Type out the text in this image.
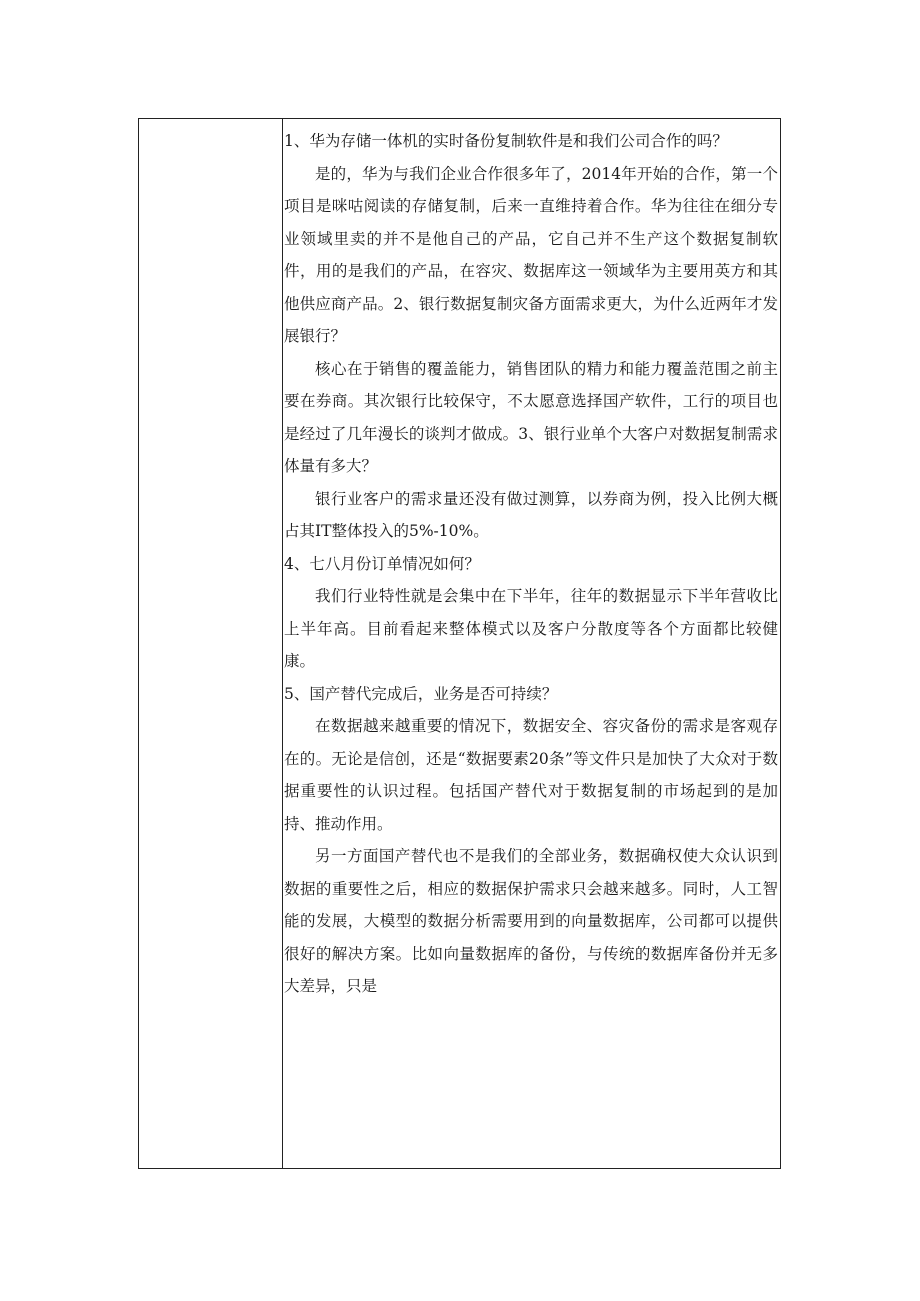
1、华为存储一体机的实时备份复制软件是和我们公司合作的吗？

是的，华为与我们企业合作很多年了，2014年开始的合作，第一个项目是咪咕阅读的存储复制，后来一直维持着合作。华为往往在细分专业领域里卖的并不是他自己的产品，它自己并不生产这个数据复制软件，用的是我们的产品，在容灾、数据库这一领域华为主要用英方和其他供应商产品。2、银行数据复制灾备方面需求更大，为什么近两年才发展银行？

核心在于销售的覆盖能力，销售团队的精力和能力覆盖范围之前主要在券商。其次银行比较保守，不太愿意选择国产软件，工行的项目也是经过了几年漫长的谈判才做成。3、银行业单个大客户对数据复制需求体量有多大？

银行业客户的需求量还没有做过测算，以券商为例，投入比例大概占其IT整体投入的5%-10%。

4、七八月份订单情况如何？

我们行业特性就是会集中在下半年，往年的数据显示下半年营收比上半年高。目前看起来整体模式以及客户分散度等各个方面都比较健康。

5、国产替代完成后，业务是否可持续？

在数据越来越重要的情况下，数据安全、容灾备份的需求是客观存在的。无论是信创，还是“数据要素20条”等文件只是加快了大众对于数据重要性的认识过程。包括国产替代对于数据复制的市场起到的是加持、推动作用。

另一方面国产替代也不是我们的全部业务，数据确权使大众认识到数据的重要性之后，相应的数据保护需求只会越来越多。同时，人工智能的发展，大模型的数据分析需要用到的向量数据库，公司都可以提供很好的解决方案。比如向量数据库的备份，与传统的数据库备份并无多大差异，只是
